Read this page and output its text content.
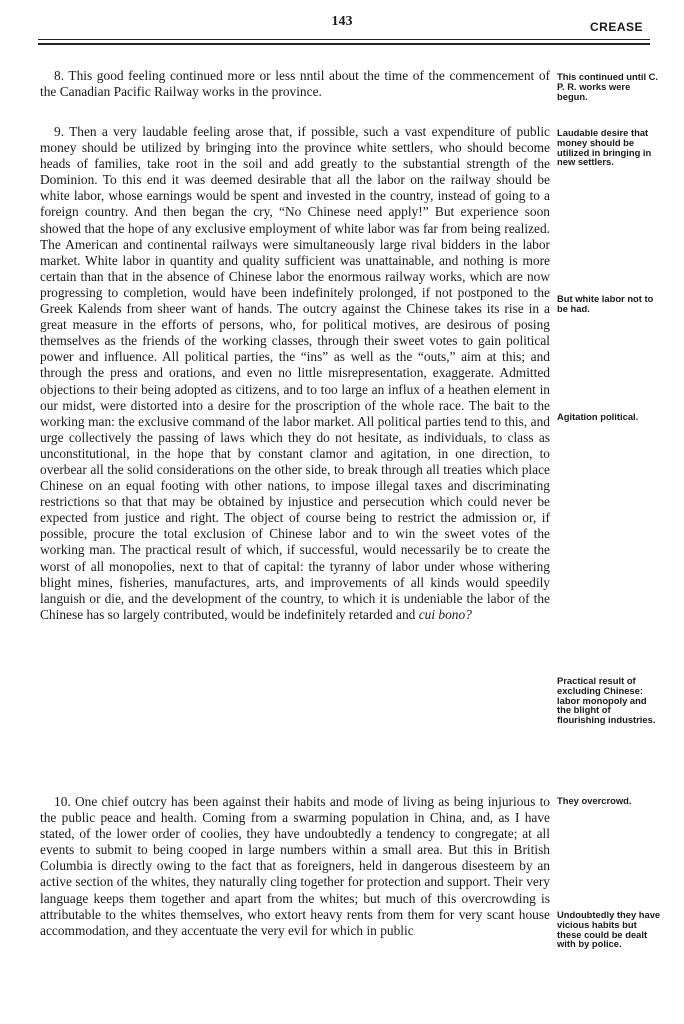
143	CREASE

8. This good feeling continued more or less nntil about the time of the commencement of the Canadian Pacific Railway works in the province.

9. Then a very laudable feeling arose that, if possible, such a vast expenditure of public money should be utilized by bringing into the province white settlers, who should become heads of families, take root in the soil and add greatly to the substantial strength of the Dominion. To this end it was deemed desirable that all the labor on the railway should be white labor, whose earnings would be spent and invested in the country, instead of going to a foreign country. And then began the cry, “No Chinese need apply!” But experience soon showed that the hope of any exclusive employment of white labor was far from being realized. The American and continental railways were simultaneously large rival bidders in the labor market. White labor in quantity and quality sufficient was unattainable, and nothing is more certain than that in the absence of Chinese labor the enormous railway works, which are now progressing to completion, would have been indefinitely prolonged, if not postponed to the Greek Kalends from sheer want of hands. The outcry against the Chinese takes its rise in a great measure in the efforts of persons, who, for political motives, are desirous of posing themselves as the friends of the working classes, through their sweet votes to gain political power and influence. All political parties, the “ins” as well as the “outs,” aim at this; and through the press and orations, and even no little misrepresentation, exaggerate. Admitted objections to their being adopted as citizens, and to too large an influx of a heathen element in our midst, were distorted into a desire for the proscription of the whole race. The bait to the working man: the exclusive command of the labor market. All political parties tend to this, and urge collectively the passing of laws which they do not hesitate, as individuals, to class as unconstitutional, in the hope that by constant clamor and agitation, in one direction, to overbear all the solid considerations on the other side, to break through all treaties which place Chinese on an equal footing with other nations, to impose illegal taxes and discriminating restrictions so that that may be obtained by injustice and persecution which could never be expected from justice and right. The object of course being to restrict the admission or, if possible, procure the total exclusion of Chinese labor and to win the sweet votes of the working man. The practical result of which, if successful, would necessarily be to create the worst of all monopolies, next to that of capital: the tyranny of labor under whose withering blight mines, fisheries, manufactures, arts, and improvements of all kinds would speedily languish or die, and the development of the country, to which it is undeniable the labor of the Chinese has so largely contributed, would be indefinitely retarded and cui bono?

10. One chief outcry has been against their habits and mode of living as being injurious to the public peace and health. Coming from a swarming population in China, and, as I have stated, of the lower order of coolies, they have undoubtedly a tendency to congregate; at all events to submit to being cooped in large numbers within a small area. But this in British Columbia is directly owing to the fact that as foreigners, held in dangerous disesteem by an active section of the whites, they naturally cling together for protection and support. Their very language keeps them together and apart from the whites; but much of this overcrowding is attributable to the whites themselves, who extort heavy rents from them for very scant house accommodation, and they accentuate the very evil for which in public

This continued until C. P. R. works were begun.

Laudable desire that money should be utilized in bringing in new settlers.

But white labor not to be had.

Agitation political.

Practical result of excluding Chinese: labor monopoly and the blight of flourishing industries.

They overcrowd.

Undoubtedly they have vicious habits but these could be dealt with by police.
